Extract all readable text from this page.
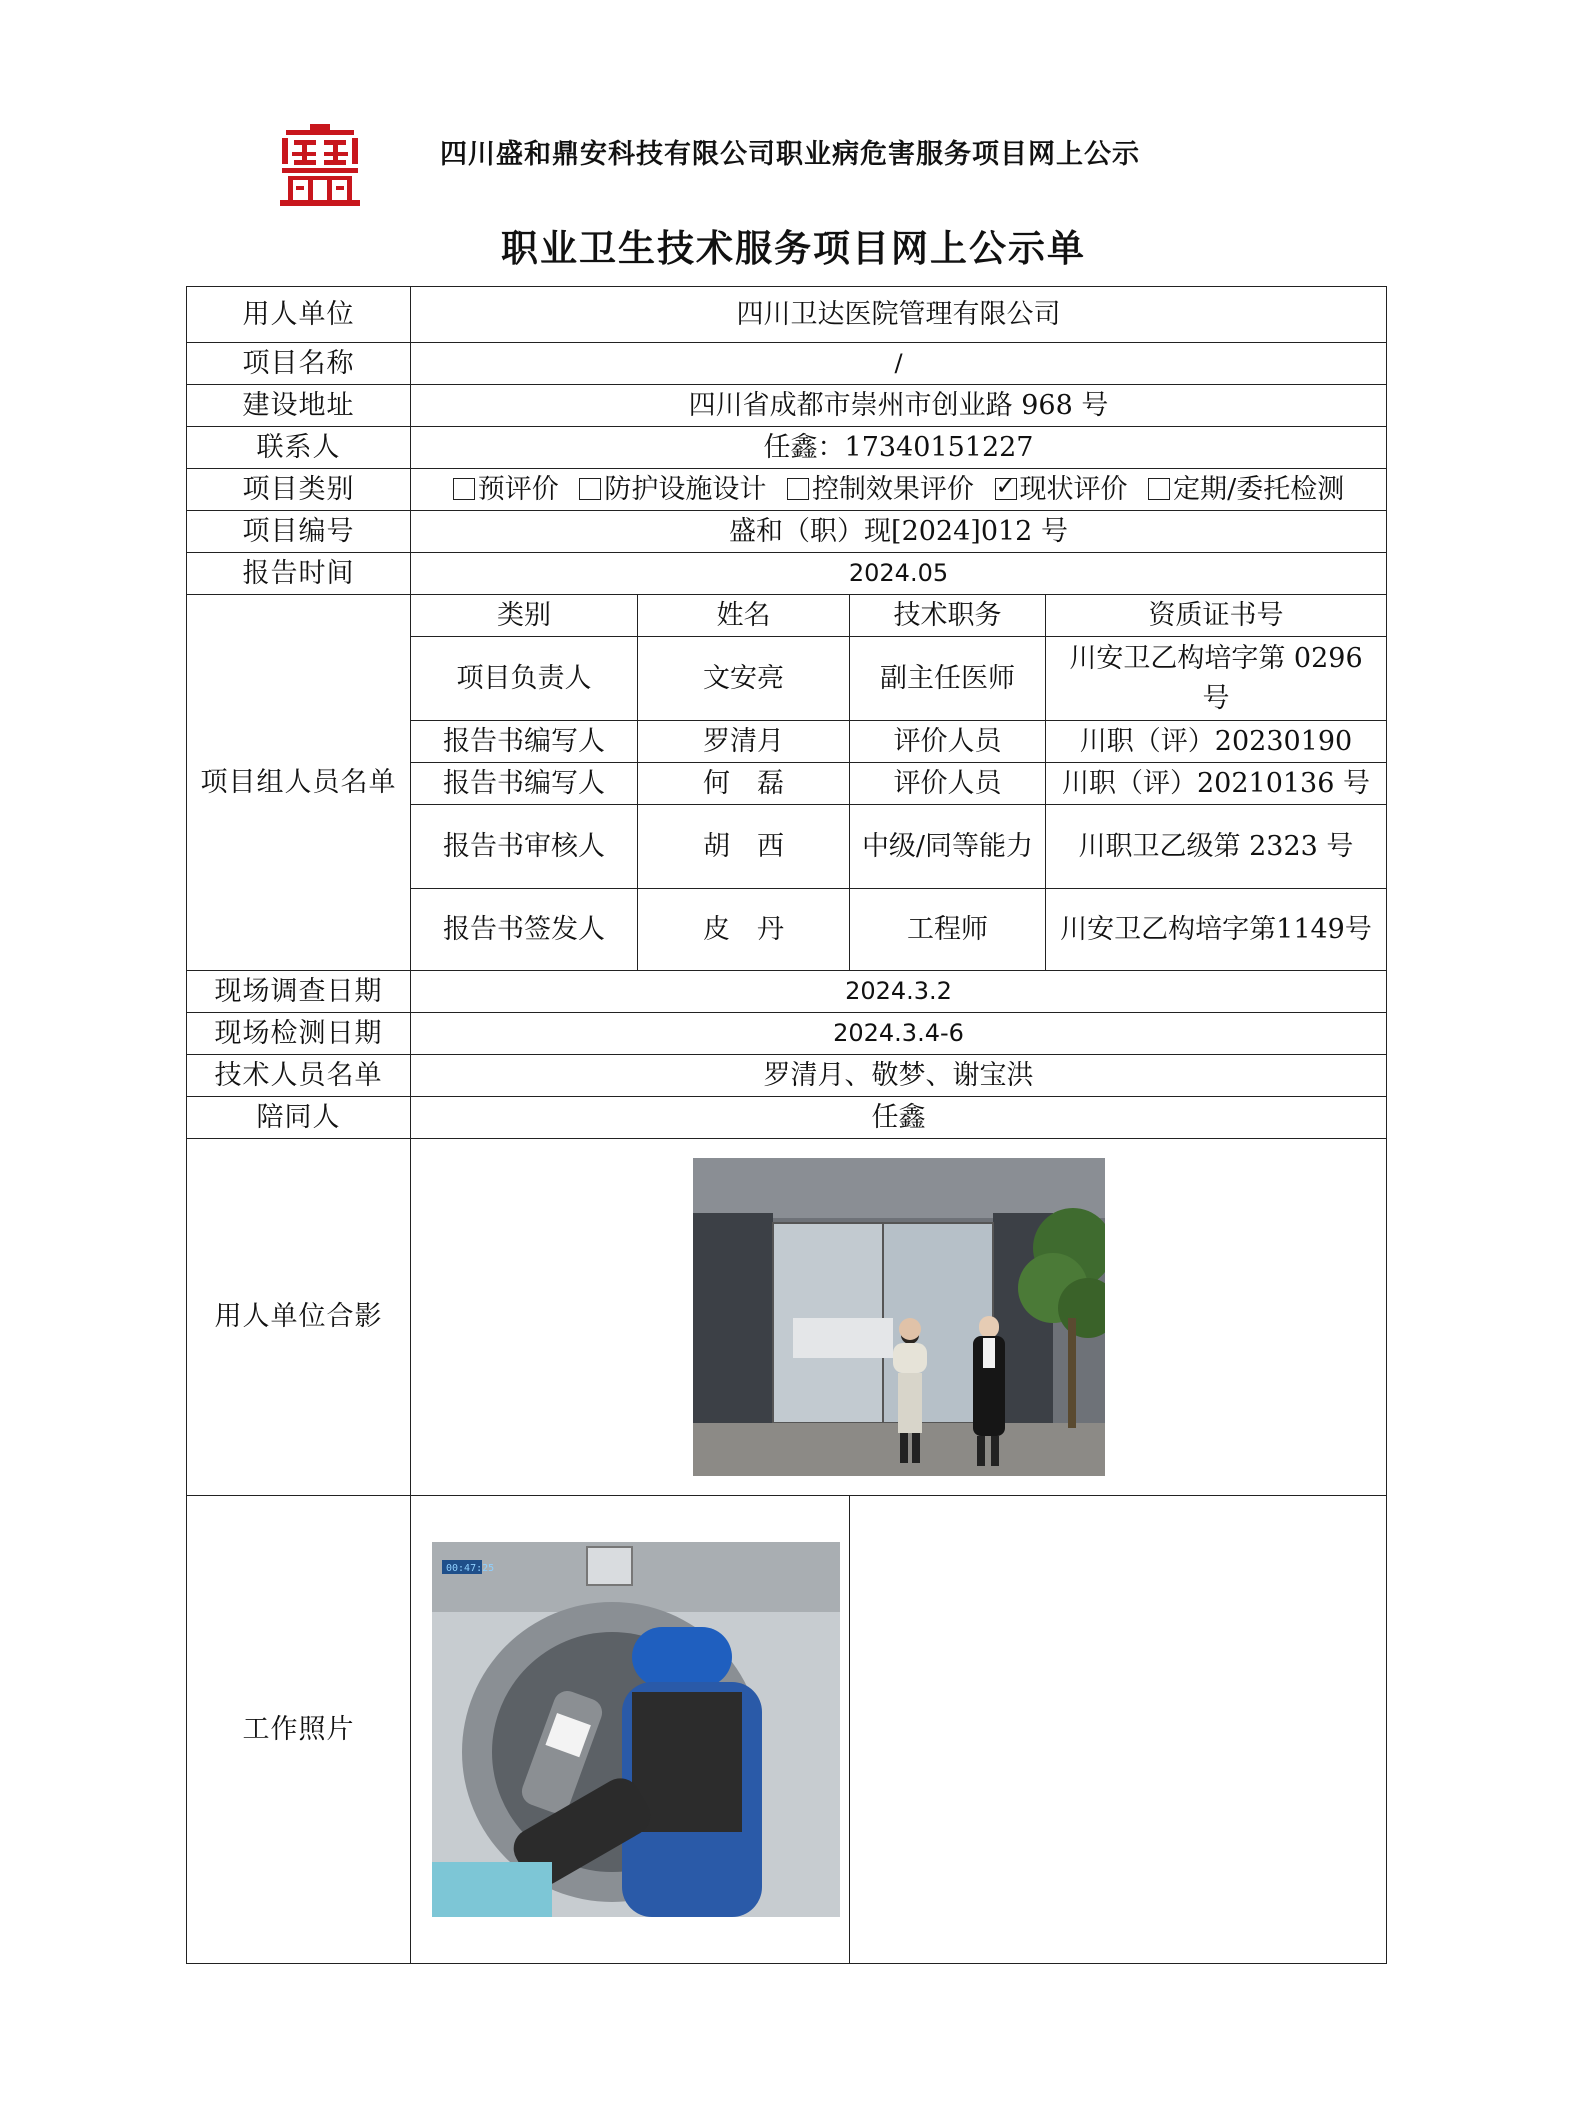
四川盛和鼎安科技有限公司职业病危害服务项目网上公示
职业卫生技术服务项目网上公示单
用人单位	四川卫达医院管理有限公司			
项目名称	/			
建设地址	四川省成都市崇州市创业路 968 号			
联系人	任鑫：17340151227			
项目类别	预评价 防护设施设计 控制效果评价 ✓ 现状评价 定期/委托检测
项目编号	盛和（职）现[2024]012 号			
报告时间	2024.05			
项目组人员名单	类别	姓名	技术职务	资质证书号
	项目负责人	文安亮	副主任医师	川安卫乙构培字第 0296 号
	报告书编写人	罗清月	评价人员	川职（评）20230190
	报告书编写人	何　磊	评价人员	川职（评）20210136 号
	报告书审核人	胡　西	中级/同等能力	川职卫乙级第 2323 号
	报告书签发人	皮　丹	工程师	川安卫乙构培字第1149号
现场调查日期	2024.3.2			
现场检测日期	2024.3.4-6			
技术人员名单	罗清月、敬梦、谢宝洪			
陪同人	任鑫			
用人单位合影	

工作照片	00:47:25			
